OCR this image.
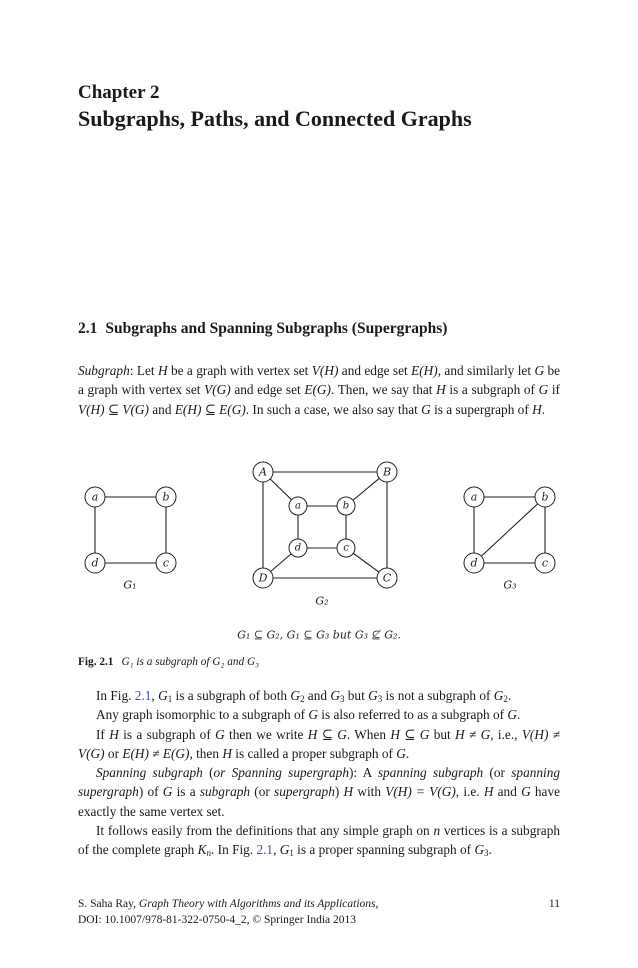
Chapter 2
Subgraphs, Paths, and Connected Graphs
2.1 Subgraphs and Spanning Subgraphs (Supergraphs)

Subgraph: Let H be a graph with vertex set V(H) and edge set E(H), and similarly let G be a graph with vertex set V(G) and edge set E(G). Then, we say that H is a subgraph of G if V(H) ⊆ V(G) and E(H) ⊆ E(G). In such a case, we also say that G is a supergraph of H.

a	b
c
d
A	B
C
D
a	b
c
d
a	b
c
d
G₁
G₂
G₃
G₁ ⊆ G₂, G₁ ⊆ G₃ but G₃ ⊈ G₂.
Fig. 2.1 G₁ is a subgraph of G₂ and G₃

In Fig. 2.1, $G_1$ is a subgraph of both $G_2$ and $G_3$ but $G_3$ is not a subgraph of $G_2$.

Any graph isomorphic to a subgraph of G is also referred to as a subgraph of G.

If H is a subgraph of G then we write H ⊆ G. When H ⊆ G but H ≠ G, i.e., V(H) ≠ V(G) or E(H) ≠ E(G), then H is called a proper subgraph of G.

Spanning subgraph (or Spanning supergraph): A spanning subgraph (or spanning supergraph) of G is a subgraph (or supergraph) H with V(H) = V(G), i.e. H and G have exactly the same vertex set.

It follows easily from the definitions that any simple graph on n vertices is a subgraph of the complete graph $K_n$. In Fig. 2.1, $G_1$ is a proper spanning subgraph of $G_3$.

S. Saha Ray, Graph Theory with Algorithms and its Applications,
DOI: 10.1007/978-81-322-0750-4_2, © Springer India 2013
11
